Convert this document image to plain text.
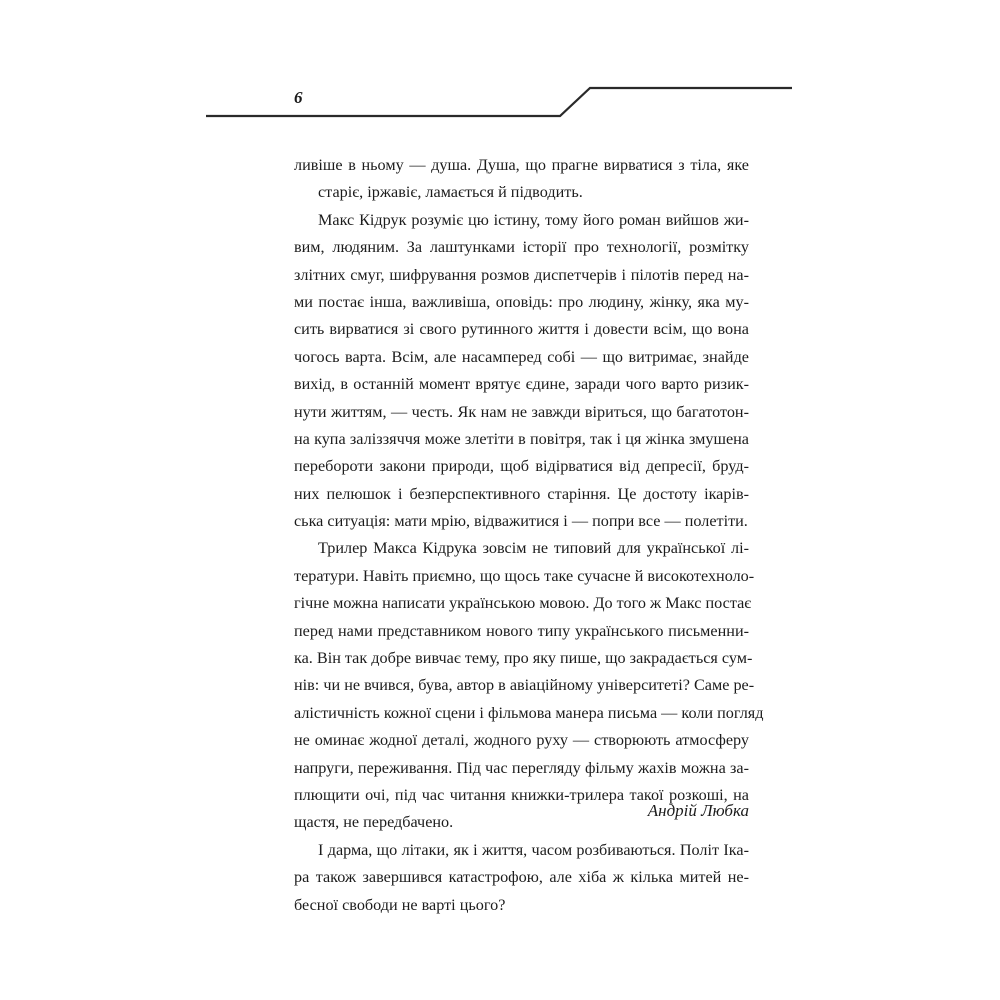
6
ливіше в ньому — душа. Душа, що прагне вирватися з тіла, яке
старіє, іржавіє, ламається й підводить.
Макс Кідрук розуміє цю істину, тому його роман вийшов жи-
вим, людяним. За лаштунками історії про технології, розмітку
злітних смуг, шифрування розмов диспетчерів і пілотів перед на-
ми постає інша, важливіша, оповідь: про людину, жінку, яка му-
сить вирватися зі свого рутинного життя і довести всім, що вона
чогось варта. Всім, але насамперед собі — що витримає, знайде
вихід, в останній момент врятує єдине, заради чого варто ризик-
нути життям, — честь. Як нам не завжди віриться, що багатотон-
на купа заліззяччя може злетіти в повітря, так і ця жінка змушена
перебороти закони природи, щоб відірватися від депресії, бруд-
них пелюшок і безперспективного старіння. Це достоту ікарів-
ська ситуація: мати мрію, відважитися і — попри все — полетіти.
Трилер Макса Кідрука зовсім не типовий для української лі-
тератури. Навіть приємно, що щось таке сучасне й високотехноло-
гічне можна написати українською мовою. До того ж Макс постає
перед нами представником нового типу українського письменни-
ка. Він так добре вивчає тему, про яку пише, що закрадається сум-
нів: чи не вчився, бува, автор в авіаційному університеті? Саме ре-
алістичність кожної сцени і фільмова манера письма — коли погляд
не оминає жодної деталі, жодного руху — створюють атмосферу
напруги, переживання. Під час перегляду фільму жахів можна за-
плющити очі, під час читання книжки-трилера такої розкоші, на
щастя, не передбачено.
І дарма, що літаки, як і життя, часом розбиваються. Політ Іка-
ра також завершився катастрофою, але хіба ж кілька митей не-
бесної свободи не варті цього?
Андрій Любка
